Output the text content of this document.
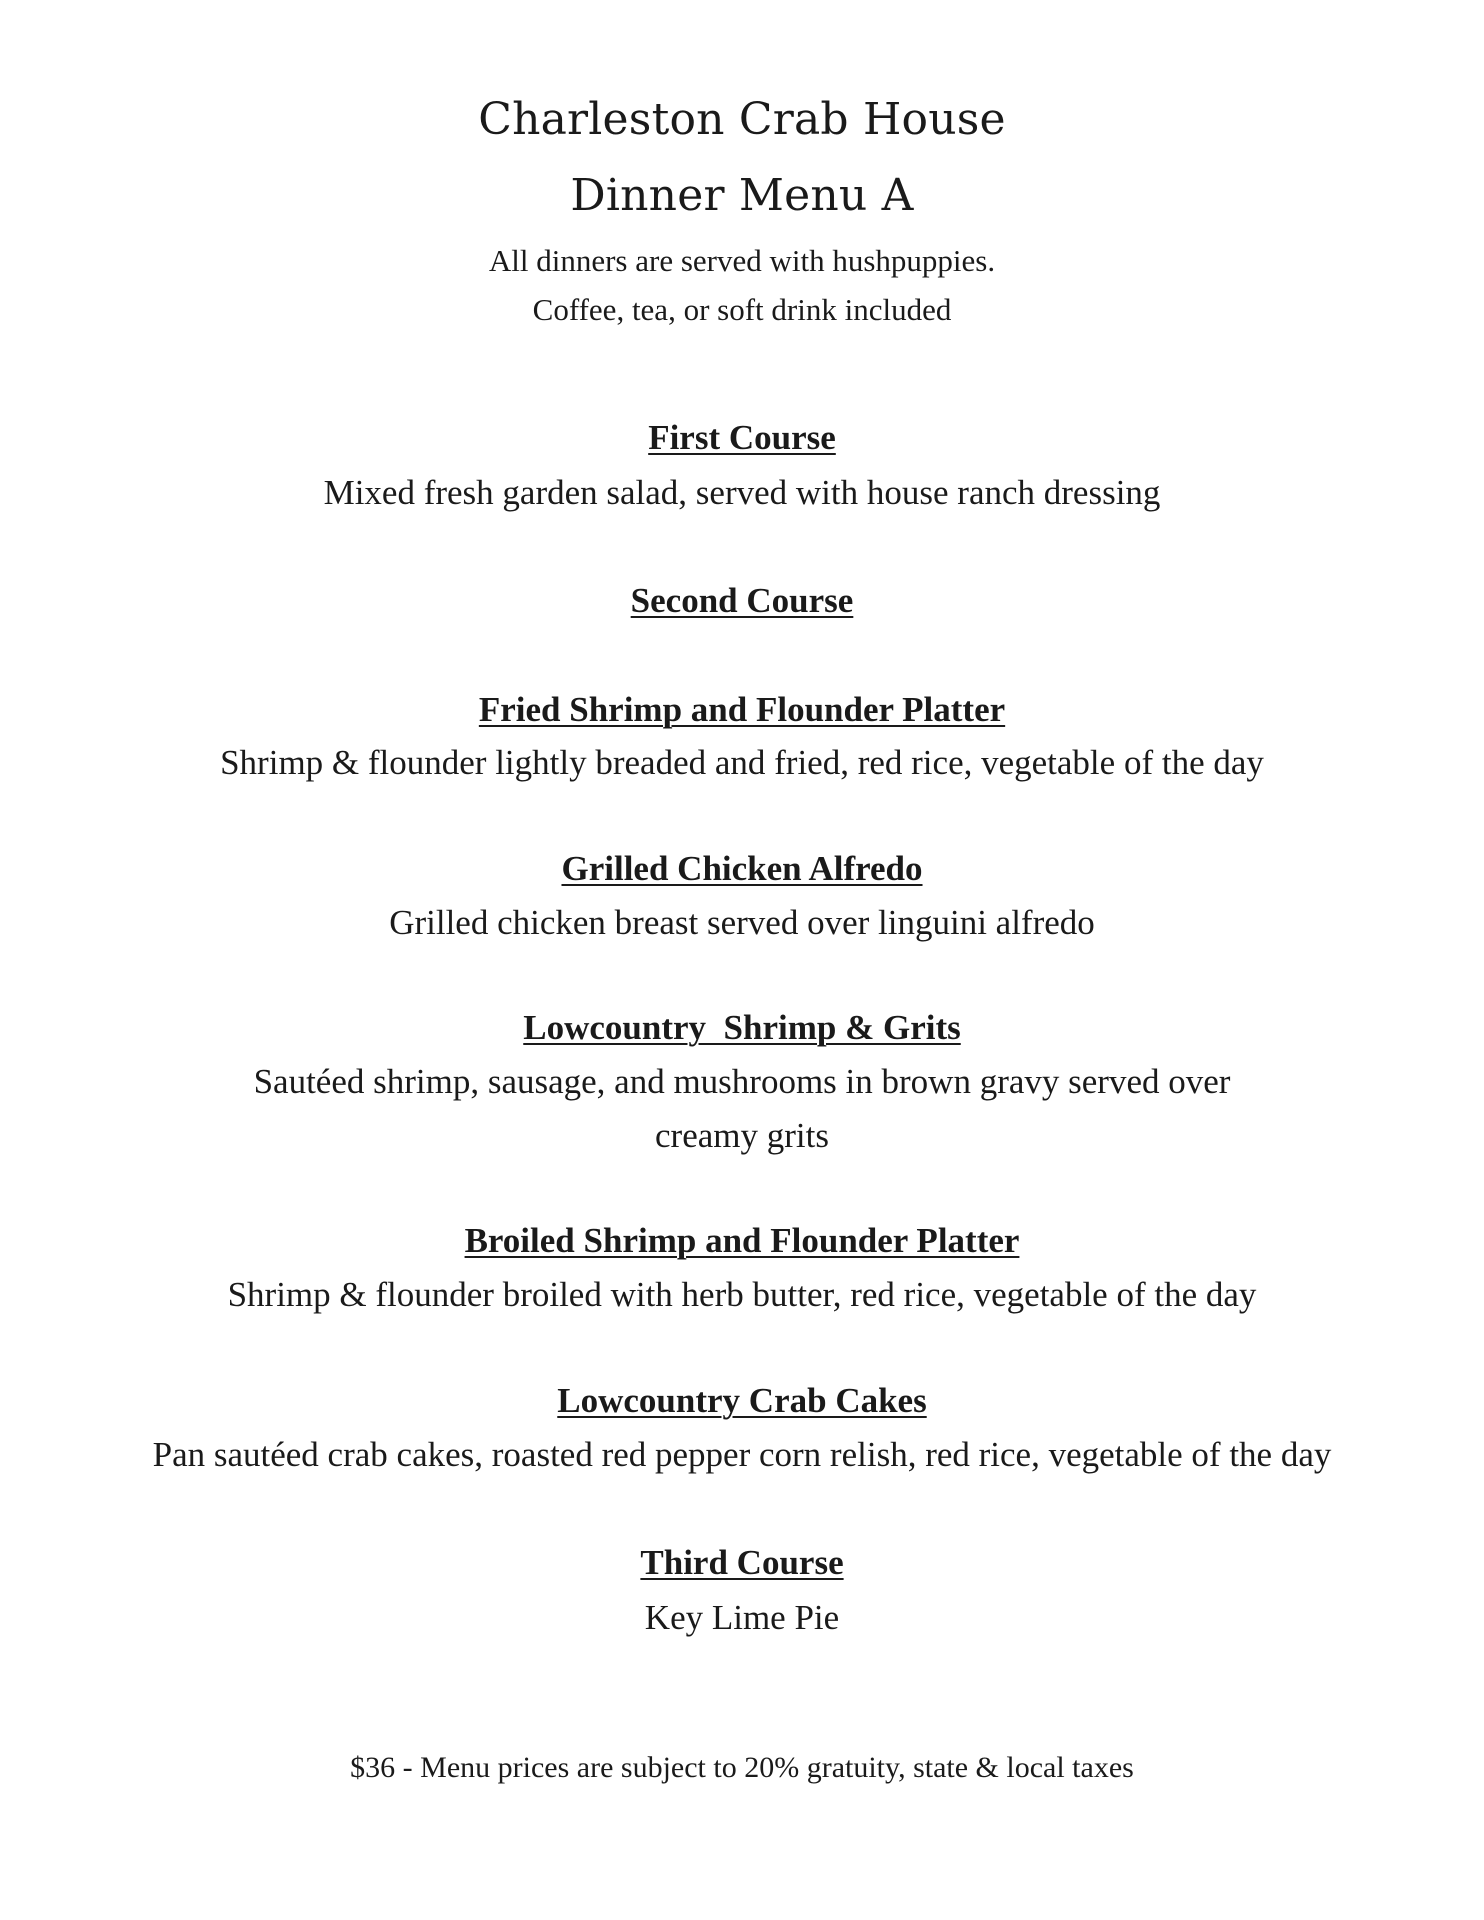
Charleston Crab House
Dinner Menu A
All dinners are served with hushpuppies.
Coffee, tea, or soft drink included
First Course
Mixed fresh garden salad, served with house ranch dressing
Second Course
Fried Shrimp and Flounder Platter
Shrimp & flounder lightly breaded and fried, red rice, vegetable of the day
Grilled Chicken Alfredo
Grilled chicken breast served over linguini alfredo
Lowcountry  Shrimp & Grits
Sautéed shrimp, sausage, and mushrooms in brown gravy served over
creamy grits
Broiled Shrimp and Flounder Platter
Shrimp & flounder broiled with herb butter, red rice, vegetable of the day
Lowcountry Crab Cakes
Pan sautéed crab cakes, roasted red pepper corn relish, red rice, vegetable of the day
Third Course
Key Lime Pie
$36 - Menu prices are subject to 20% gratuity, state & local taxes
